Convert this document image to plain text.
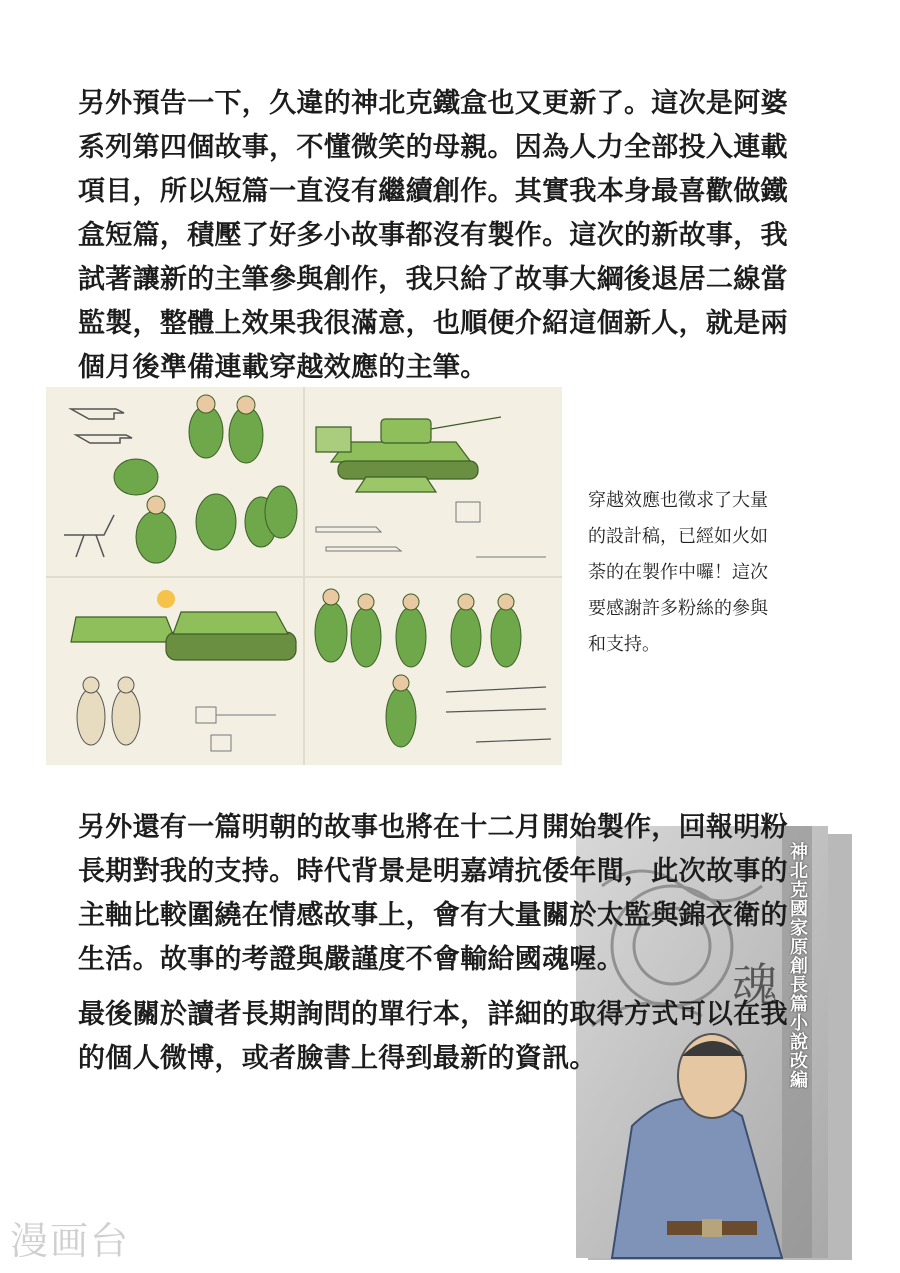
另外預告一下，久違的神北克鐵盒也又更新了。這次是阿婆
系列第四個故事，不懂微笑的母親。因為人力全部投入連載
項目，所以短篇一直沒有繼續創作。其實我本身最喜歡做鐵
盒短篇，積壓了好多小故事都沒有製作。這次的新故事，我
試著讓新的主筆參與創作，我只給了故事大綱後退居二線當
監製，整體上效果我很滿意，也順便介紹這個新人，就是兩
個月後準備連載穿越效應的主筆。

穿越效應也徵求了大量
的設計稿，已經如火如
荼的在製作中囉！這次
要感謝許多粉絲的參與
和支持。

魂 神北克國家原創長篇小說改編

另外還有一篇明朝的故事也將在十二月開始製作，回報明粉
長期對我的支持。時代背景是明嘉靖抗倭年間，此次故事的
主軸比較圍繞在情感故事上，會有大量關於太監與錦衣衛的
生活。故事的考證與嚴謹度不會輸給國魂喔。

最後關於讀者長期詢問的單行本，詳細的取得方式可以在我
的個人微博，或者臉書上得到最新的資訊。

漫画台
